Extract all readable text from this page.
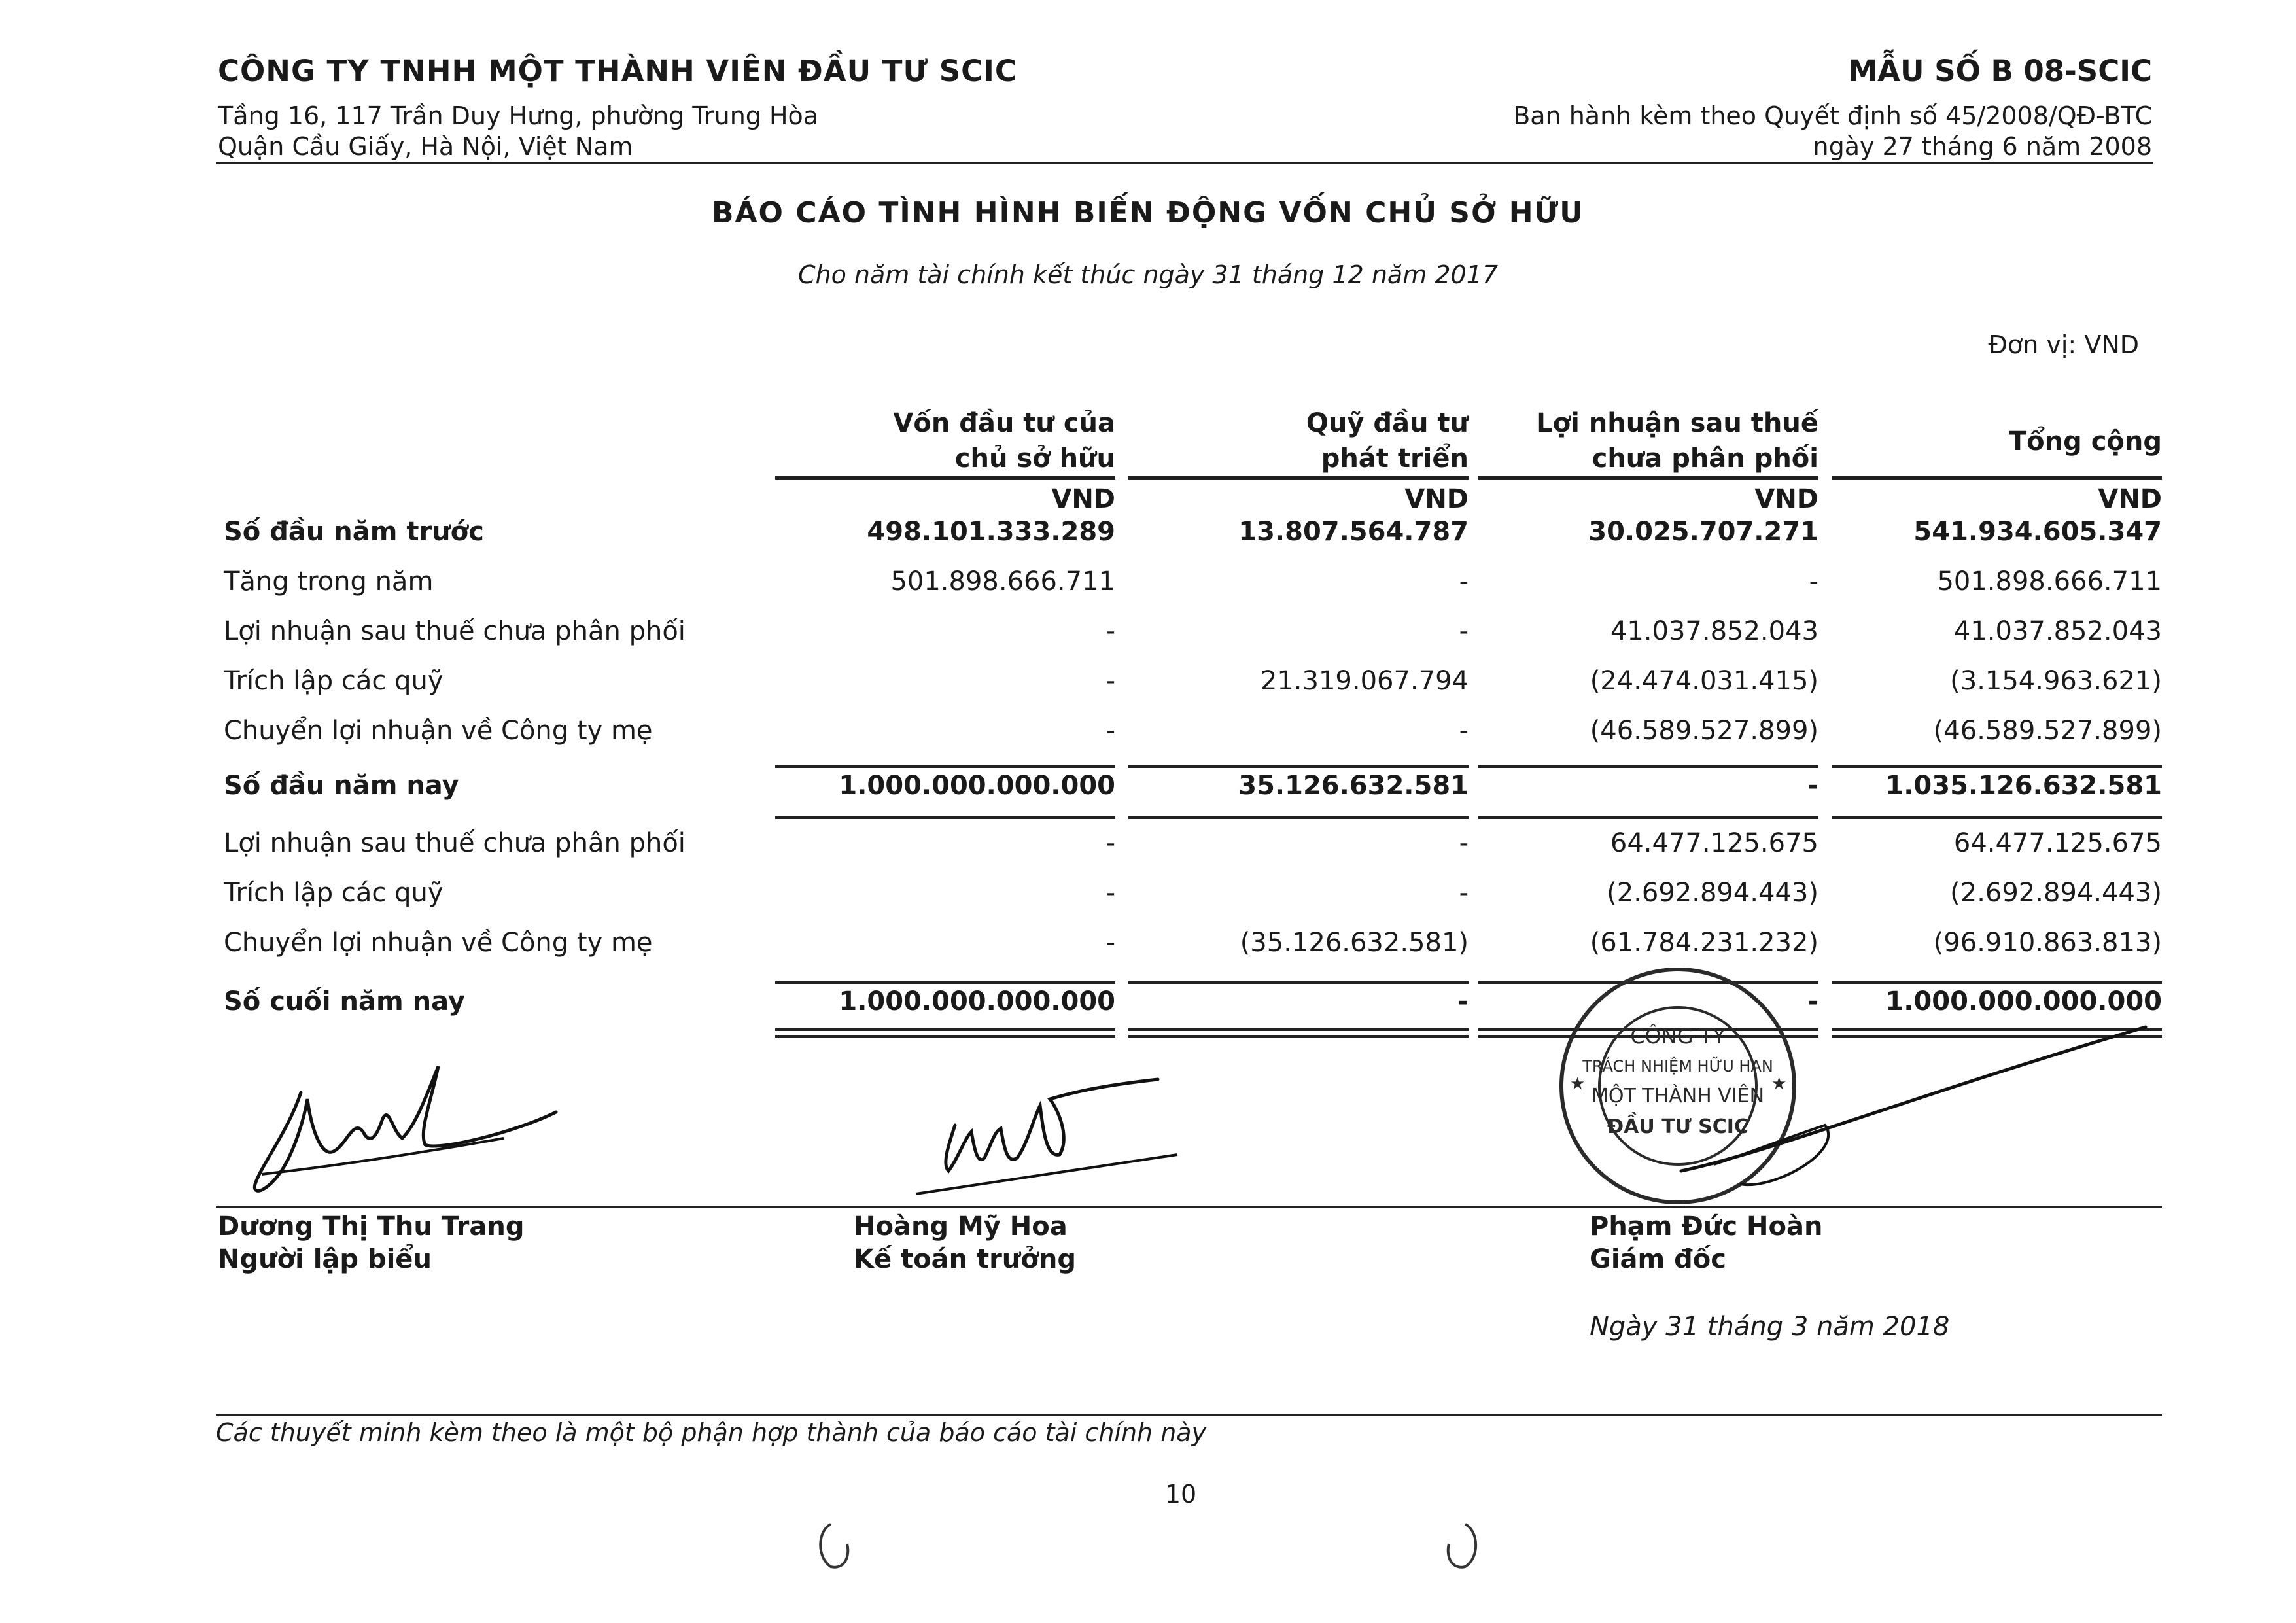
CÔNG TY TNHH MỘT THÀNH VIÊN ĐẦU TƯ SCIC
Tầng 16, 117 Trần Duy Hưng, phường Trung Hòa
Quận Cầu Giấy, Hà Nội, Việt Nam
MẪU SỐ B 08-SCIC
Ban hành kèm theo Quyết định số 45/2008/QĐ-BTC
ngày 27 tháng 6 năm 2008
BÁO CÁO TÌNH HÌNH BIẾN ĐỘNG VỐN CHỦ SỞ HỮU
Cho năm tài chính kết thúc ngày 31 tháng 12 năm 2017
Đơn vị: VND
Vốn đầu tư của
chủ sở hữu
Quỹ đầu tư
phát triển
Lợi nhuận sau thuế
chưa phân phối
Tổng cộng
VND	VND	VND	VND
Số đầu năm trước	498.101.333.289	13.807.564.787	30.025.707.271	541.934.605.347
Tăng trong năm	501.898.666.711	-	-	501.898.666.711
Lợi nhuận sau thuế chưa phân phối	-	-	41.037.852.043	41.037.852.043
Trích lập các quỹ	-	21.319.067.794	(24.474.031.415)	(3.154.963.621)
Chuyển lợi nhuận về Công ty mẹ	-	-	(46.589.527.899)	(46.589.527.899)
Số đầu năm nay	1.000.000.000.000	35.126.632.581	-	1.035.126.632.581
Lợi nhuận sau thuế chưa phân phối	-	-	64.477.125.675	64.477.125.675
Trích lập các quỹ	-	-	(2.692.894.443)	(2.692.894.443)
Chuyển lợi nhuận về Công ty mẹ	-	(35.126.632.581)	(61.784.231.232)	(96.910.863.813)
Số cuối năm nay	1.000.000.000.000	-	-	1.000.000.000.000
CÔNG TY
TRÁCH NHIỆM HỮU HẠN
MỘT THÀNH VIÊN
ĐẦU TƯ SCIC
★	★
Dương Thị Thu Trang
Người lập biểu
Hoàng Mỹ Hoa
Kế toán trưởng
Phạm Đức Hoàn
Giám đốc
Ngày 31 tháng 3 năm 2018
Các thuyết minh kèm theo là một bộ phận hợp thành của báo cáo tài chính này
10
